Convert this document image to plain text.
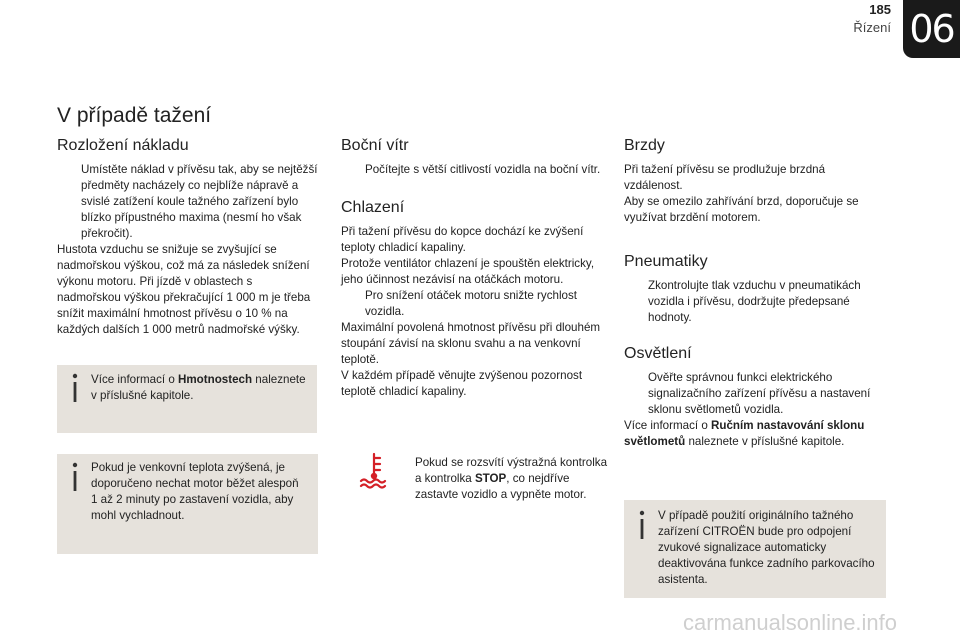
185
Řízení 06
V případě tažení
Rozložení nákladu

Umístěte náklad v přívěsu tak, aby se nejtěžší předměty nacházely co nejblíže nápravě a svislé zatížení koule tažného zařízení bylo blízko přípustného maxima (nesmí ho však překročit).

Hustota vzduchu se snižuje se zvyšující se nadmořskou výškou, což má za následek snížení výkonu motoru. Při jízdě v oblastech s nadmořskou výškou překračující 1 000 m je třeba snížit maximální hmotnost přívěsu o 10 % na každých dalších 1 000 metrů nadmořské výšky.

Více informací o Hmotnostech naleznete v příslušné kapitole.
Pokud je venkovní teplota zvýšená, je doporučeno nechat motor běžet alespoň 1 až 2 minuty po zastavení vozidla, aby mohl vychladnout.
Boční vítr

Počítejte s větší citlivostí vozidla na boční vítr.

Chlazení

Při tažení přívěsu do kopce dochází ke zvýšení teploty chladicí kapaliny.

Protože ventilátor chlazení je spouštěn elektricky, jeho účinnost nezávisí na otáčkách motoru.

Pro snížení otáček motoru snižte rychlost vozidla.

Maximální povolená hmotnost přívěsu při dlouhém stoupání závisí na sklonu svahu a na venkovní teplotě.

V každém případě věnujte zvýšenou pozornost teplotě chladicí kapaliny.

Pokud se rozsvítí výstražná kontrolka a kontrolka STOP, co nejdříve zastavte vozidlo a vypněte motor.

Brzdy

Při tažení přívěsu se prodlužuje brzdná vzdálenost.

Aby se omezilo zahřívání brzd, doporučuje se využívat brzdění motorem.

Pneumatiky

Zkontrolujte tlak vzduchu v pneumatikách vozidla i přívěsu, dodržujte předepsané hodnoty.

Osvětlení

Ověřte správnou funkci elektrického signalizačního zařízení přívěsu a nastavení sklonu světlometů vozidla.

Více informací o Ručním nastavování sklonu světlometů naleznete v příslušné kapitole.

V případě použití originálního tažného zařízení CITROËN bude pro odpojení zvukové signalizace automaticky deaktivována funkce zadního parkovacího asistenta.
carmanualsonline.info
